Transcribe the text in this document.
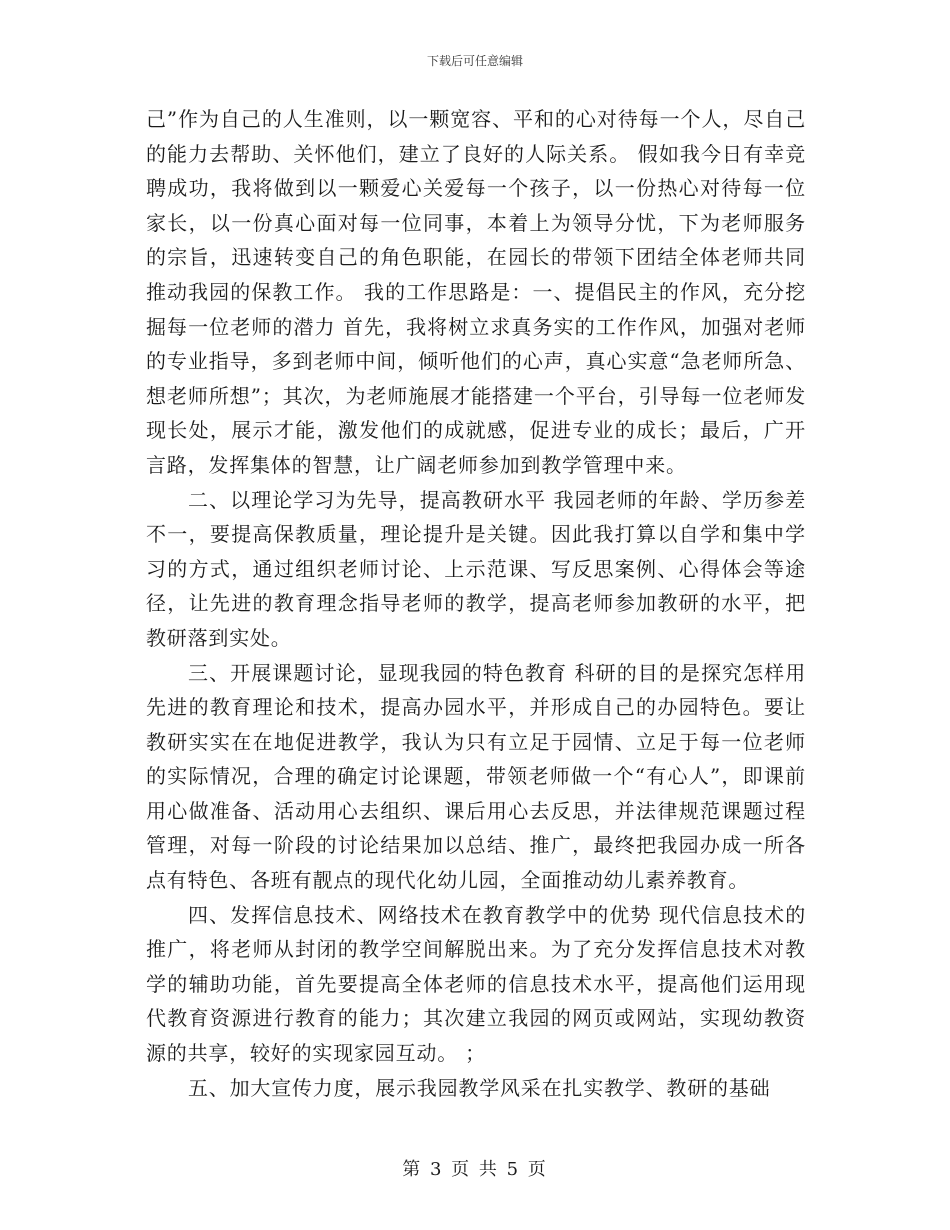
下载后可任意编辑

己”作为自己的人生准则，以一颗宽容、平和的心对待每一个人，尽自己的能力去帮助、关怀他们，建立了良好的人际关系。 假如我今日有幸竞聘成功，我将做到以一颗爱心关爱每一个孩子，以一份热心对待每一位家长，以一份真心面对每一位同事，本着上为领导分忧，下为老师服务的宗旨，迅速转变自己的角色职能，在园长的带领下团结全体老师共同推动我园的保教工作。 我的工作思路是：一、提倡民主的作风，充分挖掘每一位老师的潜力 首先，我将树立求真务实的工作作风，加强对老师的专业指导，多到老师中间，倾听他们的心声，真心实意“急老师所急、想老师所想”；其次，为老师施展才能搭建一个平台，引导每一位老师发现长处，展示才能，激发他们的成就感，促进专业的成长；最后，广开言路，发挥集体的智慧，让广阔老师参加到教学管理中来。

二、以理论学习为先导，提高教研水平 我园老师的年龄、学历参差不一，要提高保教质量，理论提升是关键。因此我打算以自学和集中学习的方式，通过组织老师讨论、上示范课、写反思案例、心得体会等途径，让先进的教育理念指导老师的教学，提高老师参加教研的水平，把教研落到实处。

三、开展课题讨论，显现我园的特色教育 科研的目的是探究怎样用先进的教育理论和技术，提高办园水平，并形成自己的办园特色。要让教研实实在在地促进教学，我认为只有立足于园情、立足于每一位老师的实际情况，合理的确定讨论课题，带领老师做一个“有心人”，即课前用心做准备、活动用心去组织、课后用心去反思，并法律规范课题过程管理，对每一阶段的讨论结果加以总结、推广，最终把我园办成一所各点有特色、各班有靓点的现代化幼儿园，全面推动幼儿素养教育。

四、发挥信息技术、网络技术在教育教学中的优势 现代信息技术的推广，将老师从封闭的教学空间解脱出来。为了充分发挥信息技术对教学的辅助功能，首先要提高全体老师的信息技术水平，提高他们运用现代教育资源进行教育的能力；其次建立我园的网页或网站，实现幼教资源的共享，较好的实现家园互动。 ；

五、加大宣传力度，展示我园教学风采在扎实教学、教研的基础

第 3 页 共 5 页
